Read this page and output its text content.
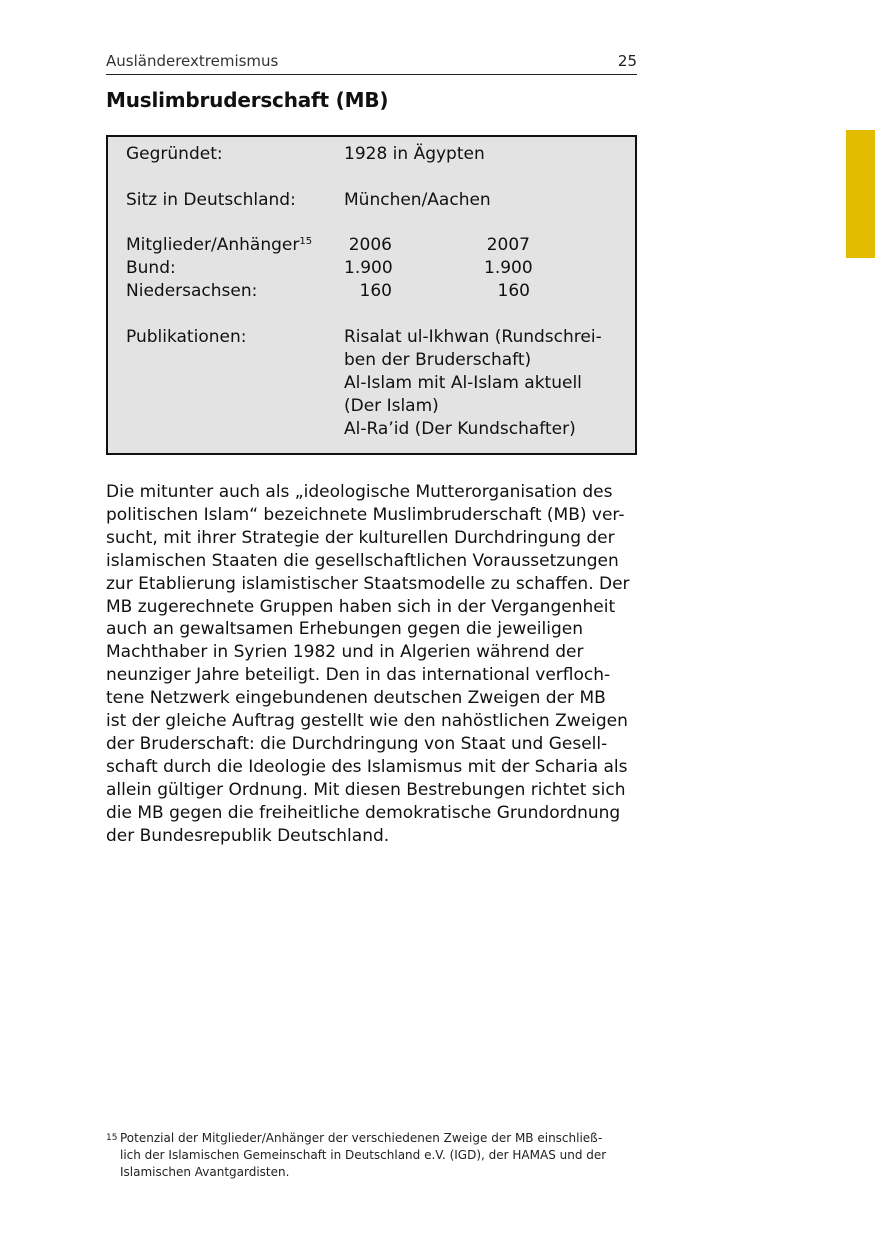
Ausländerextremismus	25
Muslimbruderschaft (MB)
Gegründet:	1928 in Ägypten
Sitz in Deutschland:	München/Aachen
Mitglieder/Anhänger$^{15}$ 2006	2007
Bund:	1.900	1.900
Niedersachsen:	160	160
Publikationen:	Risalat ul-Ikhwan (Rundschrei-
ben der Bruderschaft)
Al-Islam mit Al-Islam aktuell
(Der Islam)
Al-Ra’id (Der Kundschafter)

Die mitunter auch als „ideologische Mutterorganisation des
politischen Islam“ bezeichnete Muslimbruderschaft (MB) ver-
sucht, mit ihrer Strategie der kulturellen Durchdringung der
islamischen Staaten die gesellschaftlichen Voraussetzungen
zur Etablierung islamistischer Staatsmodelle zu schaffen. Der
MB zugerechnete Gruppen haben sich in der Vergangenheit
auch an gewaltsamen Erhebungen gegen die jeweiligen
Machthaber in Syrien 1982 und in Algerien während der
neunziger Jahre beteiligt. Den in das international verfloch-
tene Netzwerk eingebundenen deutschen Zweigen der MB
ist der gleiche Auftrag gestellt wie den nahöstlichen Zweigen
der Bruderschaft: die Durchdringung von Staat und Gesell-
schaft durch die Ideologie des Islamismus mit der Scharia als
allein gültiger Ordnung. Mit diesen Bestrebungen richtet sich
die MB gegen die freiheitliche demokratische Grundordnung
der Bundesrepublik Deutschland.

15 Potenzial der Mitglieder/Anhänger der verschiedenen Zweige der MB einschließ-
lich der Islamischen Gemeinschaft in Deutschland e.V. (IGD), der HAMAS und der
Islamischen Avantgardisten.
